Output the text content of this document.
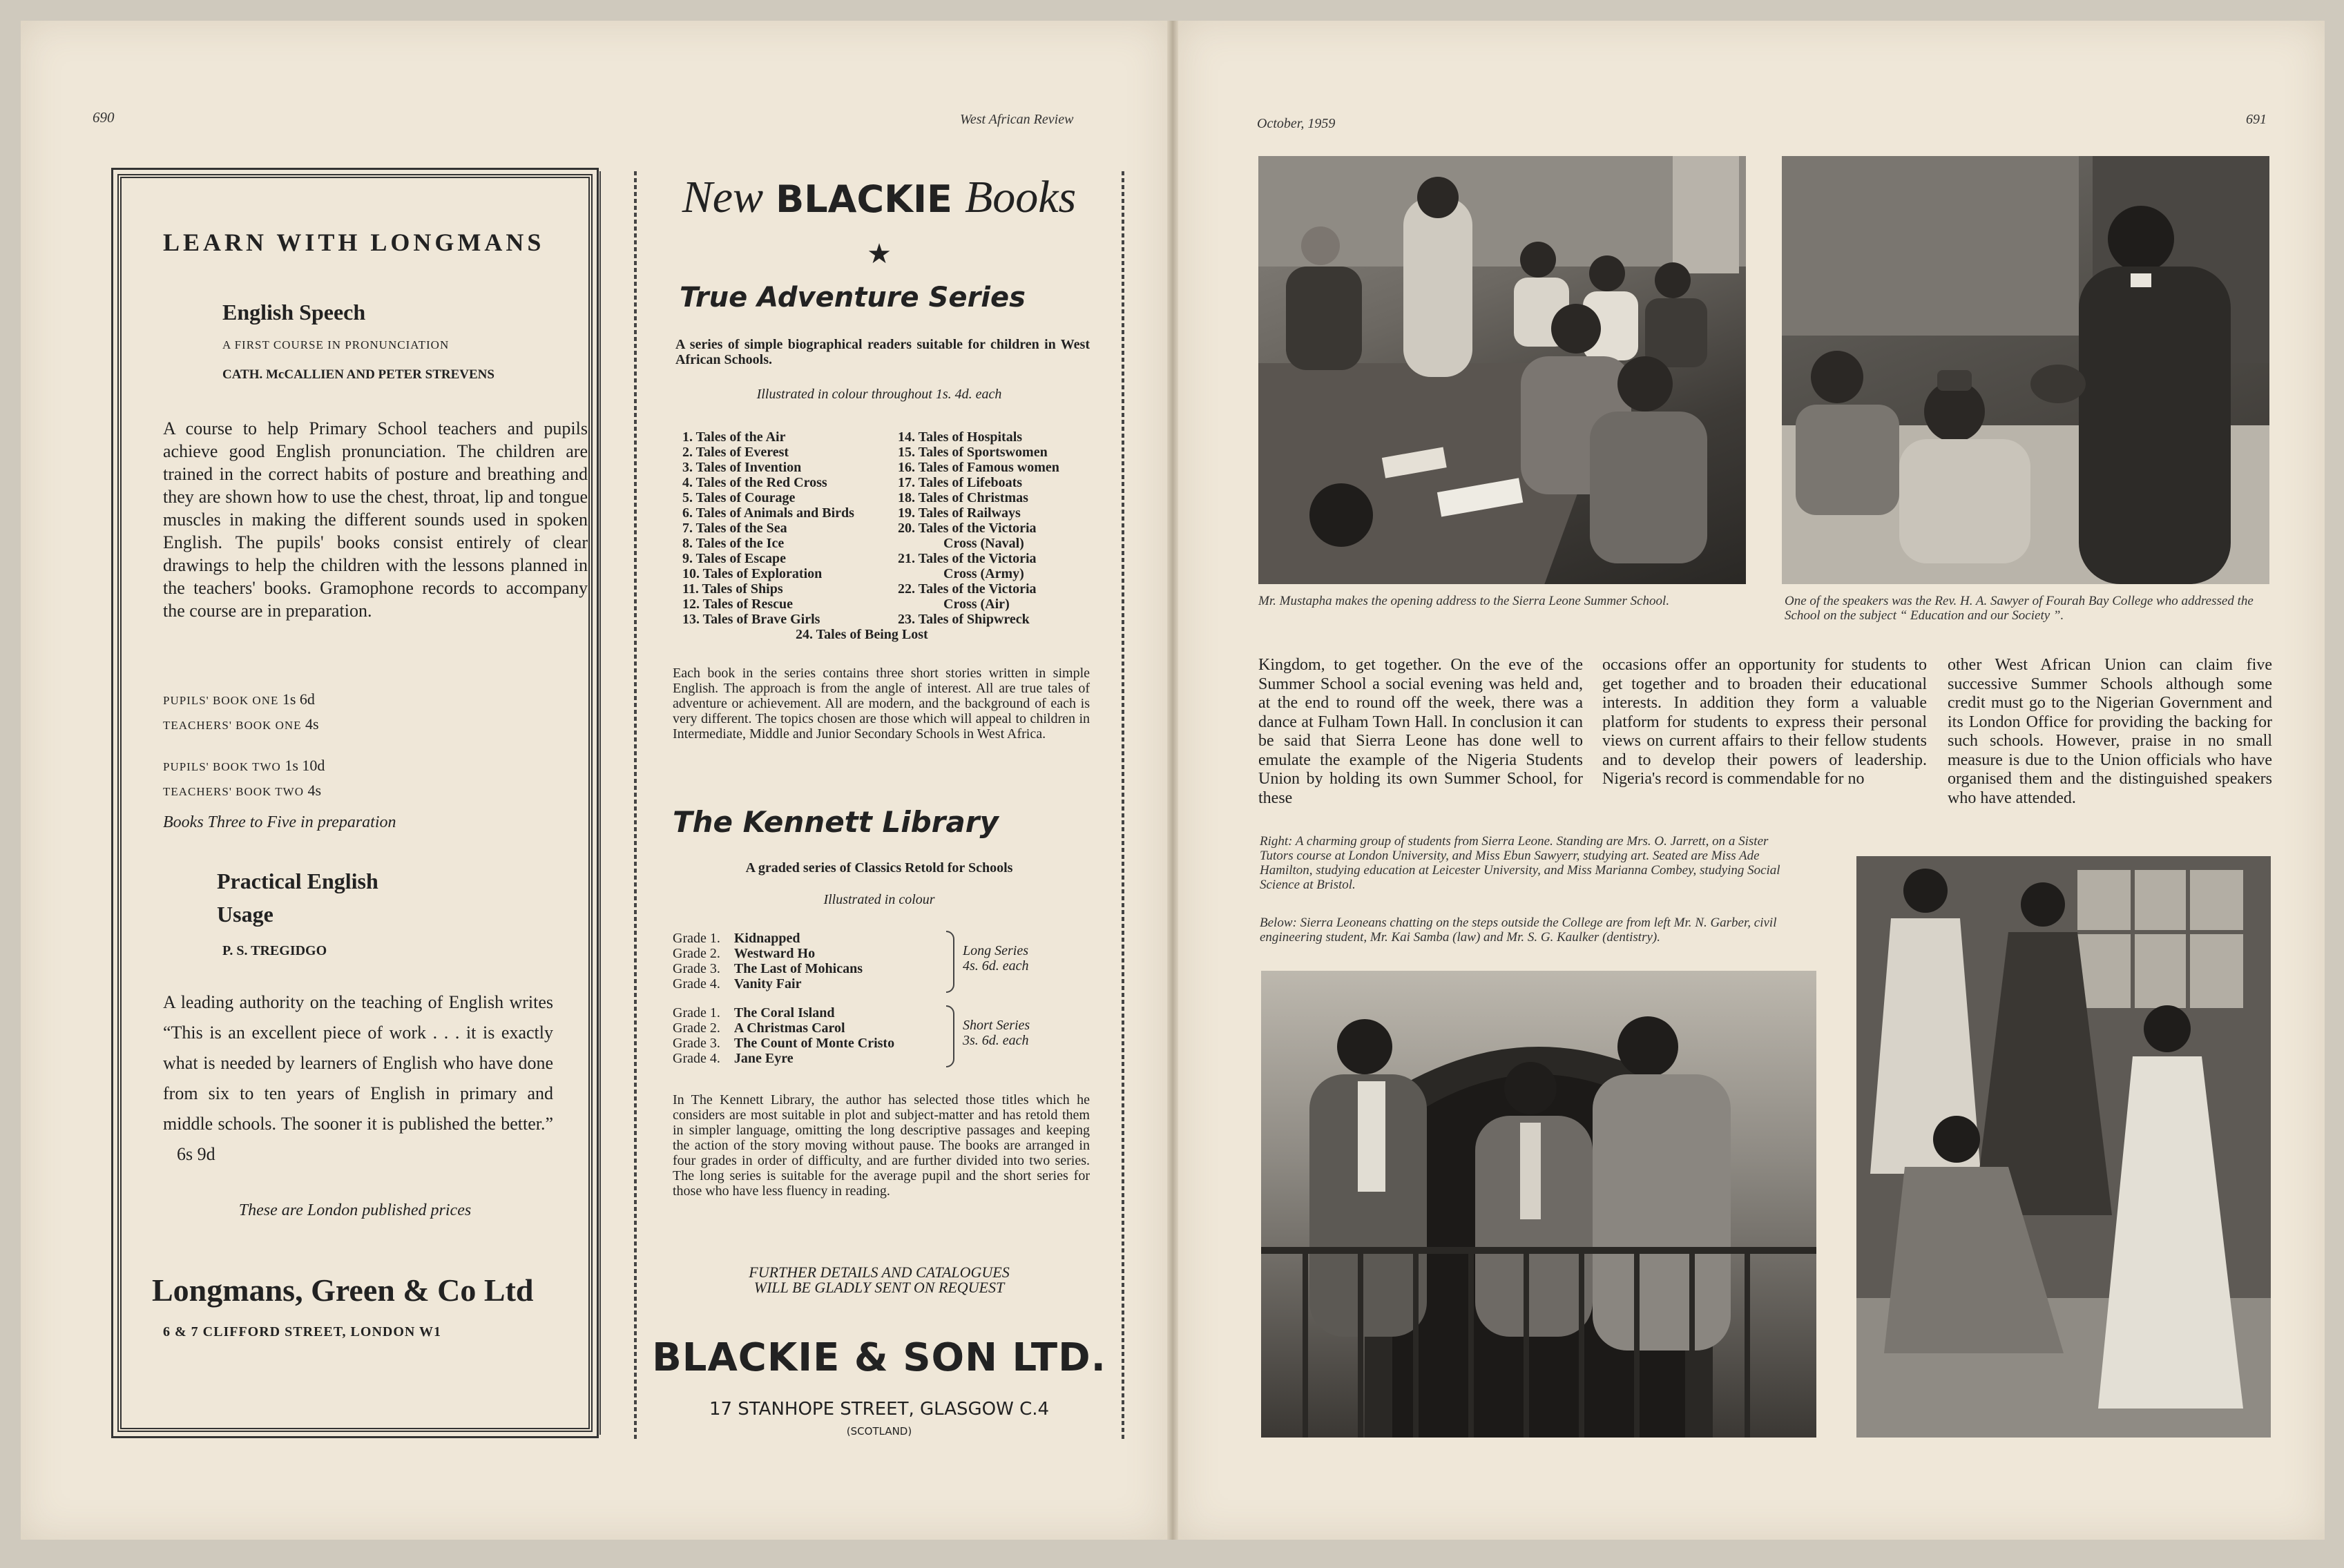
690	West African Review
LEARN WITH LONGMANS
English Speech
A FIRST COURSE IN PRONUNCIATION
CATH. McCALLIEN AND PETER STREVENS
A course to help Primary School teachers and pupils achieve good English pronunciation. The children are trained in the correct habits of posture and breathing and they are shown how to use the chest, throat, lip and tongue muscles in making the different sounds used in spoken English. The pupils' books consist entirely of clear drawings to help the children with the lessons planned in the teachers' books. Gramophone records to accompany the course are in preparation.
PUPILS' BOOK ONE 1s 6d
TEACHERS' BOOK ONE 4s
PUPILS' BOOK TWO 1s 10d
TEACHERS' BOOK TWO 4s
Books Three to Five in preparation
Practical English
Usage
P. S. TREGIDGO
A leading authority on the teaching of English writes “This is an excellent piece of work . . . it is exactly what is needed by learners of English who have done from six to ten years of English in primary and middle schools. The sooner it is published the better.” 6s 9d
These are London published prices
Longmans, Green & Co Ltd
6 & 7 CLIFFORD STREET, LONDON W1
New BLACKIE Books
★
True Adventure Series
A series of simple biographical readers suitable for children in West African Schools.
Illustrated in colour throughout 1s. 4d. each
1. Tales of the Air
2. Tales of Everest
3. Tales of Invention
4. Tales of the Red Cross
5. Tales of Courage
6. Tales of Animals and Birds
7. Tales of the Sea
8. Tales of the Ice
9. Tales of Escape
10. Tales of Exploration
11. Tales of Ships
12. Tales of Rescue
13. Tales of Brave Girls
14. Tales of Hospitals
15. Tales of Sportswomen
16. Tales of Famous women
17. Tales of Lifeboats
18. Tales of Christmas
19. Tales of Railways
20. Tales of the Victoria
Cross (Naval)
21. Tales of the Victoria
Cross (Army)
22. Tales of the Victoria
Cross (Air)
23. Tales of Shipwreck
24. Tales of Being Lost
Each book in the series contains three short stories written in simple English. The approach is from the angle of interest. All are true tales of adventure or achievement. All are modern, and the background of each is very different. The topics chosen are those which will appeal to children in Intermediate, Middle and Junior Secondary Schools in West Africa.
The Kennett Library
A graded series of Classics Retold for Schools
Illustrated in colour
Grade 1. Kidnapped
Grade 2. Westward Ho
Grade 3. The Last of Mohicans
Grade 4. Vanity Fair
Long Series
4s. 6d. each
Grade 1. The Coral Island
Grade 2. A Christmas Carol
Grade 3. The Count of Monte Cristo
Grade 4. Jane Eyre
Short Series
3s. 6d. each
In The Kennett Library, the author has selected those titles which he considers are most suitable in plot and subject-matter and has retold them in simpler language, omitting the long descriptive passages and keeping the action of the story moving without pause. The books are arranged in four grades in order of difficulty, and are further divided into two series. The long series is suitable for the average pupil and the short series for those who have less fluency in reading.
FURTHER DETAILS AND CATALOGUES
WILL BE GLADLY SENT ON REQUEST
BLACKIE & SON LTD.
17 STANHOPE STREET, GLASGOW C.4
(SCOTLAND)
October, 1959	691
Mr. Mustapha makes the opening address to the Sierra Leone Summer School.	One of the speakers was the Rev. H. A. Sawyer of Fourah Bay College who addressed the School on the subject “ Education and our Society ”.
Kingdom, to get together. On the eve of the Summer School a social evening was held and, at the end to round off the week, there was a dance at Fulham Town Hall. In conclusion it can be said that Sierra Leone has done well to emulate the example of the Nigeria Students Union by holding its own Summer School, for these
occasions offer an opportunity for students to get together and to broaden their educational interests. In addition they form a valuable platform for students to express their personal views on current affairs to their fellow students and to develop their powers of leadership. Nigeria's record is commendable for no
other West African Union can claim five successive Summer Schools although some credit must go to the Nigerian Government and its London Office for providing the backing for such schools. However, praise in no small measure is due to the Union officials who have organised them and the distinguished speakers who have attended.
Right: A charming group of students from Sierra Leone. Standing are Mrs. O. Jarrett, on a Sister Tutors course at London University, and Miss Ebun Sawyerr, studying art. Seated are Miss Ade Hamilton, studying education at Leicester University, and Miss Marianna Combey, studying Social Science at Bristol.
Below: Sierra Leoneans chatting on the steps outside the College are from left Mr. N. Garber, civil engineering student, Mr. Kai Samba (law) and Mr. S. G. Kaulker (dentistry).
